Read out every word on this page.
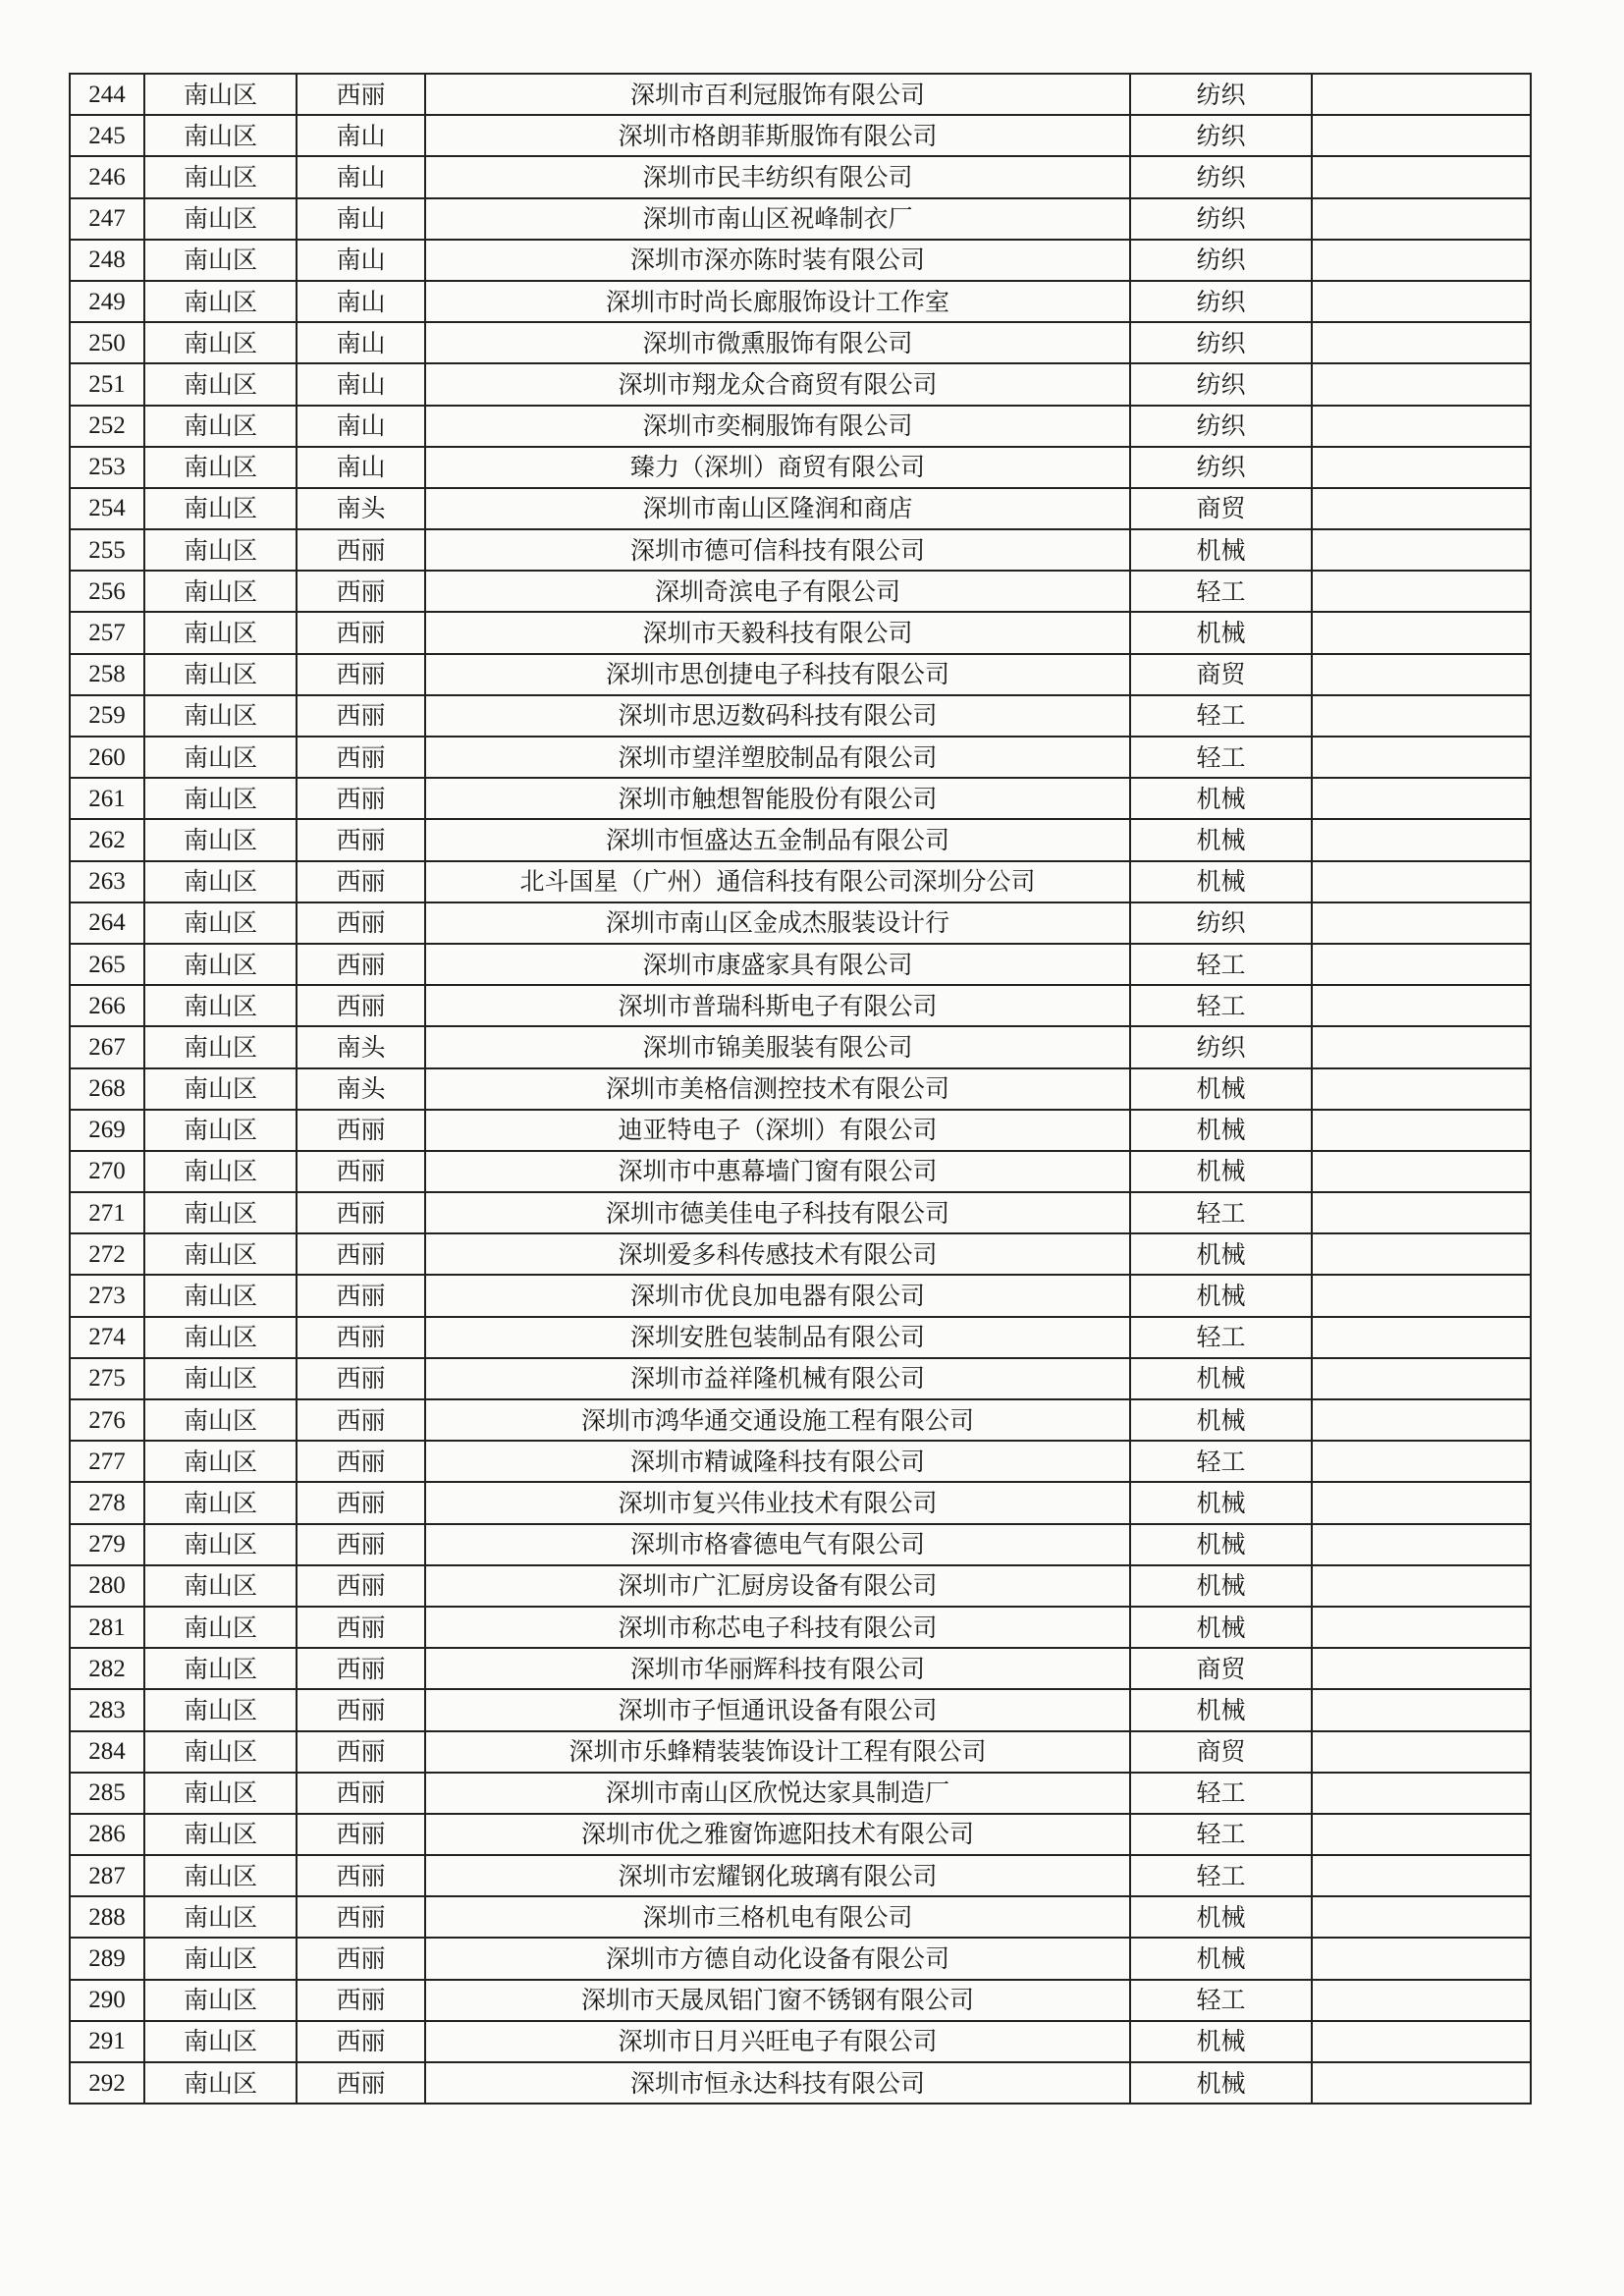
244	南山区	西丽	深圳市百利冠服饰有限公司	纺织	
245	南山区	南山	深圳市格朗菲斯服饰有限公司	纺织	
246	南山区	南山	深圳市民丰纺织有限公司	纺织	
247	南山区	南山	深圳市南山区祝峰制衣厂	纺织	
248	南山区	南山	深圳市深亦陈时装有限公司	纺织	
249	南山区	南山	深圳市时尚长廊服饰设计工作室	纺织	
250	南山区	南山	深圳市微熏服饰有限公司	纺织	
251	南山区	南山	深圳市翔龙众合商贸有限公司	纺织	
252	南山区	南山	深圳市奕桐服饰有限公司	纺织	
253	南山区	南山	臻力（深圳）商贸有限公司	纺织	
254	南山区	南头	深圳市南山区隆润和商店	商贸	
255	南山区	西丽	深圳市德可信科技有限公司	机械	
256	南山区	西丽	深圳奇滨电子有限公司	轻工	
257	南山区	西丽	深圳市天毅科技有限公司	机械	
258	南山区	西丽	深圳市思创捷电子科技有限公司	商贸	
259	南山区	西丽	深圳市思迈数码科技有限公司	轻工	
260	南山区	西丽	深圳市望洋塑胶制品有限公司	轻工	
261	南山区	西丽	深圳市触想智能股份有限公司	机械	
262	南山区	西丽	深圳市恒盛达五金制品有限公司	机械	
263	南山区	西丽	北斗国星（广州）通信科技有限公司深圳分公司	机械	
264	南山区	西丽	深圳市南山区金成杰服装设计行	纺织	
265	南山区	西丽	深圳市康盛家具有限公司	轻工	
266	南山区	西丽	深圳市普瑞科斯电子有限公司	轻工	
267	南山区	南头	深圳市锦美服装有限公司	纺织	
268	南山区	南头	深圳市美格信测控技术有限公司	机械	
269	南山区	西丽	迪亚特电子（深圳）有限公司	机械	
270	南山区	西丽	深圳市中惠幕墙门窗有限公司	机械	
271	南山区	西丽	深圳市德美佳电子科技有限公司	轻工	
272	南山区	西丽	深圳爱多科传感技术有限公司	机械	
273	南山区	西丽	深圳市优良加电器有限公司	机械	
274	南山区	西丽	深圳安胜包装制品有限公司	轻工	
275	南山区	西丽	深圳市益祥隆机械有限公司	机械	
276	南山区	西丽	深圳市鸿华通交通设施工程有限公司	机械	
277	南山区	西丽	深圳市精诚隆科技有限公司	轻工	
278	南山区	西丽	深圳市复兴伟业技术有限公司	机械	
279	南山区	西丽	深圳市格睿德电气有限公司	机械	
280	南山区	西丽	深圳市广汇厨房设备有限公司	机械	
281	南山区	西丽	深圳市称芯电子科技有限公司	机械	
282	南山区	西丽	深圳市华丽辉科技有限公司	商贸	
283	南山区	西丽	深圳市子恒通讯设备有限公司	机械	
284	南山区	西丽	深圳市乐蜂精装装饰设计工程有限公司	商贸	
285	南山区	西丽	深圳市南山区欣悦达家具制造厂	轻工	
286	南山区	西丽	深圳市优之雅窗饰遮阳技术有限公司	轻工	
287	南山区	西丽	深圳市宏耀钢化玻璃有限公司	轻工	
288	南山区	西丽	深圳市三格机电有限公司	机械	
289	南山区	西丽	深圳市方德自动化设备有限公司	机械	
290	南山区	西丽	深圳市天晟凤铝门窗不锈钢有限公司	轻工	
291	南山区	西丽	深圳市日月兴旺电子有限公司	机械	
292	南山区	西丽	深圳市恒永达科技有限公司	机械	
